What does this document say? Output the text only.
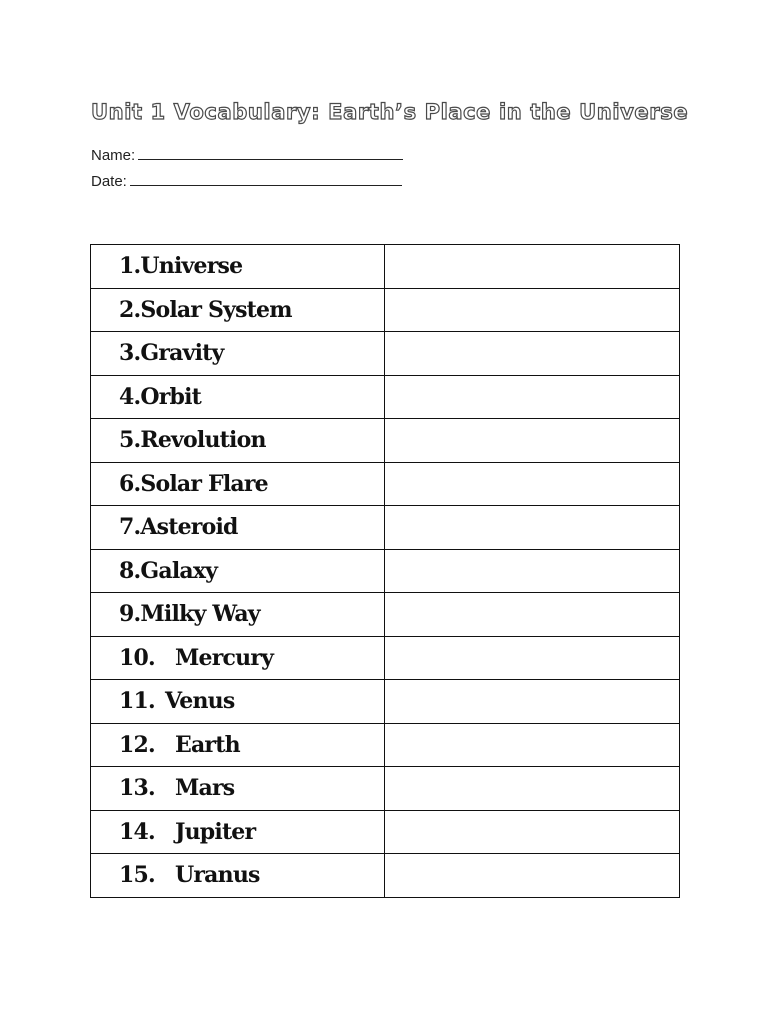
Unit 1 Vocabulary: Earth’s Place in the Universe
Name:
Date:
1. Universe	

2. Solar System	

3. Gravity	

4. Orbit	

5. Revolution	

6. Solar Flare	

7. Asteroid	

8. Galaxy	

9. Milky Way	

10. Mercury	

11. Venus	

12. Earth	

13. Mars	

14. Jupiter	

15. Uranus	
